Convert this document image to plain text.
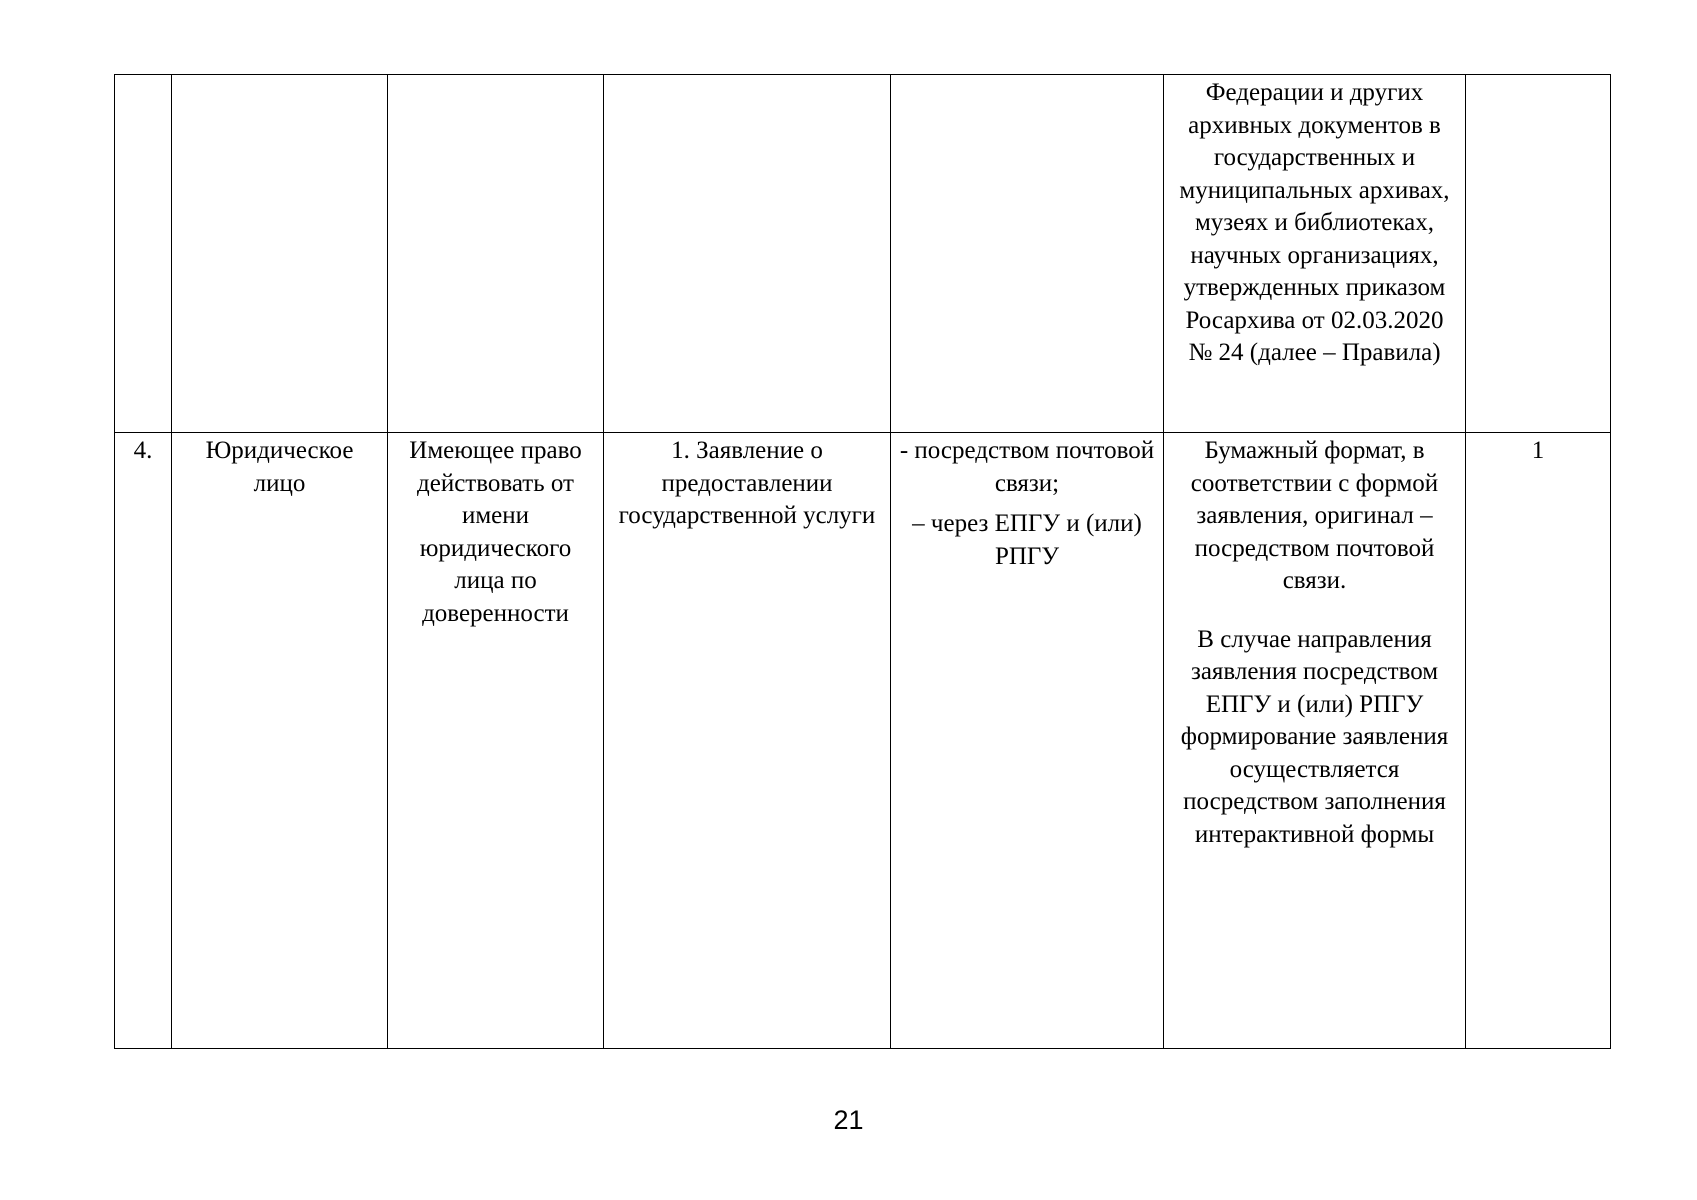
					Федерации и других архивных документов в государственных и муниципальных архивах, музеях и библиотеках, научных организациях, утвержденных приказом Росархива от 02.03.2020 № 24 (далее – Правила)	

4.	Юридическое лицо	Имеющее право действовать от имени юридического лица по доверенности	1. Заявление о предоставлении государственной услуги	- посредством почтовой связи;
– через ЕПГУ и (или) РПГУ	Бумажный формат, в соответствии с формой заявления, оригинал – посредством почтовой связи.
В случае направления заявления посредством ЕПГУ и (или) РПГУ формирование заявления осуществляется посредством заполнения интерактивной формы	1
21
